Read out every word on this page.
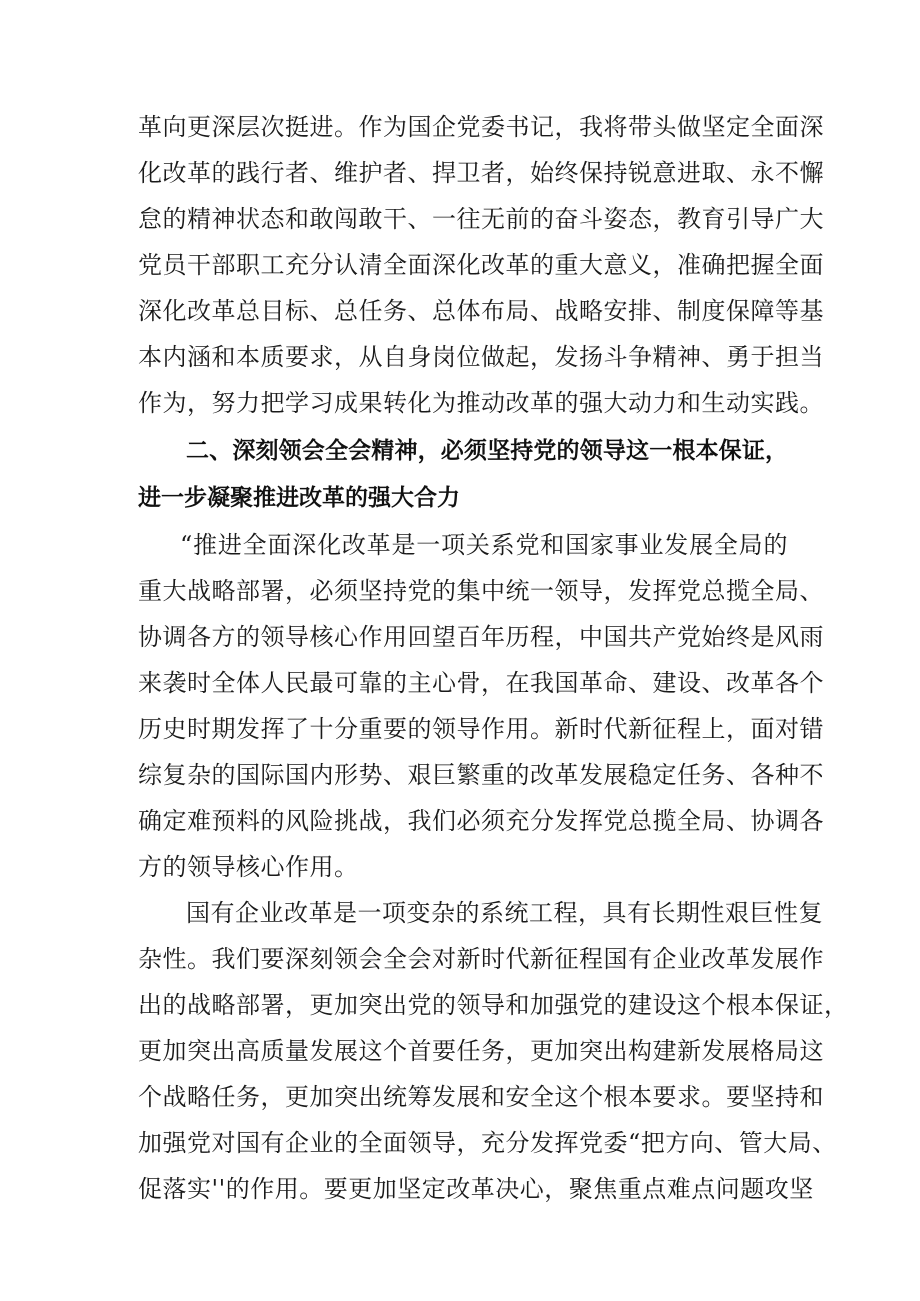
革向更深层次挺进。作为国企党委书记，我将带头做坚定全面深

化改革的践行者、维护者、捍卫者，始终保持锐意进取、永不懈

怠的精神状态和敢闯敢干、一往无前的奋斗姿态，教育引导广大

党员干部职工充分认清全面深化改革的重大意义，准确把握全面

深化改革总目标、总任务、总体布局、战略安排、制度保障等基

本内涵和本质要求，从自身岗位做起，发扬斗争精神、勇于担当

作为，努力把学习成果转化为推动改革的强大动力和生动实践。

二、深刻领会全会精神，必须坚持党的领导这一根本保证，

进一步凝聚推进改革的强大合力

“推进全面深化改革是一项关系党和国家事业发展全局的

重大战略部署，必须坚持党的集中统一领导，发挥党总揽全局、

协调各方的领导核心作用回望百年历程，中国共产党始终是风雨

来袭时全体人民最可靠的主心骨，在我国革命、建设、改革各个

历史时期发挥了十分重要的领导作用。新时代新征程上，面对错

综复杂的国际国内形势、艰巨繁重的改革发展稳定任务、各种不

确定难预料的风险挑战，我们必须充分发挥党总揽全局、协调各

方的领导核心作用。

国有企业改革是一项变杂的系统工程，具有长期性艰巨性复

杂性。我们要深刻领会全会对新时代新征程国有企业改革发展作

出的战略部署，更加突出党的领导和加强党的建设这个根本保证，

更加突出高质量发展这个首要任务，更加突出构建新发展格局这

个战略任务，更加突出统筹发展和安全这个根本要求。要坚持和

加强党对国有企业的全面领导，充分发挥党委“把方向、管大局、

促落实''的作用。要更加坚定改革决心，聚焦重点难点问题攻坚
